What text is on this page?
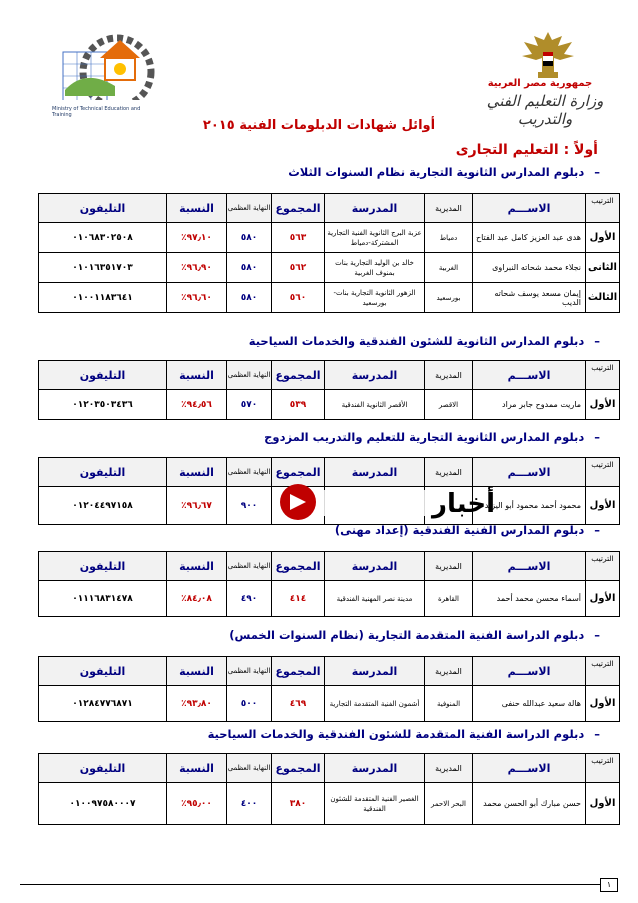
Ministry of Technical Education and Training
جمهورية مصر العربية
وزارة التعليم الفني والتدريب
أوائل شهادات الدبلومات الفنية ٢٠١٥
أولاً : التعليم التجارى
–دبلوم المدارس الثانوية التجارية نظام السنوات الثلاث
الترتيب	الاســـم	المديرية	المدرسة	المجموع	النهاية العظمى	النسبة	التليفون
الأول	هدى عبد العزيز كامل عبد الفتاح	دمياط	عزبة البرج الثانوية الفنية التجارية المشتركة-دمياط	٥٦٣	٥٨٠	٩٧٫١٠٪	٠١٠٦٨٣٠٢٥٠٨
الثانى	نجلاء محمد شحاته النبراوى	الغربية	خالد بن الوليد التجارية بنات بمنوف الغربية	٥٦٢	٥٨٠	٩٦٫٩٠٪	٠١٠١٦٣٥١٧٠٣
الثالث	إيمان مسعد يوسف شحاته الديب	بورسعيد	الزهور الثانوية التجارية بنات- بورسعيد	٥٦٠	٥٨٠	٩٦٫٦٠٪	٠١٠٠١١٨٣٦٤١
–دبلوم المدارس الثانوية للشئون الفندقية والخدمات السياحية
الترتيب	الاســـم	المديرية	المدرسة	المجموع	النهاية العظمى	النسبة	التليفون
الأول	ماريت ممدوح جابر مراد	الاقصر	الأقصر الثانوية الفندقية	٥٣٩	٥٧٠	٩٤٫٥٦٪	٠١٢٠٣٥٠٣٤٣٦
–دبلوم المدارس الثانوية التجارية للتعليم والتدريب المزدوج
الترتيب	الاســـم	المديرية	المدرسة	المجموع	النهاية العظمى	النسبة	التليفون
الأول	محمود أحمد محمود أبو اليزيد				٩٠٠	٩٦٫٦٧٪	٠١٢٠٤٤٩٧١٥٨	أخبار
–دبلوم المدارس الفنية الفندقية (إعداد مهنى)
الترتيب	الاســـم	المديرية	المدرسة	المجموع	النهاية العظمى	النسبة	التليفون
الأول	أسماء محسن محمد أحمد	القاهرة	مدينة نصر المهنية الفندقية	٤١٤	٤٩٠	٨٤٫٠٨٪	٠١١١٦٨٣١٤٧٨
–دبلوم الدراسة الفنية المتقدمة التجارية (نظام السنوات الخمس)
الترتيب	الاســـم	المديرية	المدرسة	المجموع	النهاية العظمى	النسبة	التليفون
الأول	هالة سعيد عبدالله حنفى	المنوفية	أشمون الفنية المتقدمة التجارية	٤٦٩	٥٠٠	٩٣٫٨٠٪	٠١٢٨٤٧٧٦٨٧١
–دبلوم الدراسة الفنية المتقدمة للشئون الفندقية والخدمات السياحية
الترتيب	الاســـم	المديرية	المدرسة	المجموع	النهاية العظمى	النسبة	التليفون
الأول	حسن مبارك أبو الحسن محمد	البحر الاحمر	الغصير الفنية المتقدمة للشئون الفندقية	٣٨٠	٤٠٠	٩٥٫٠٠٪	٠١٠٠٩٧٥٨٠٠٠٧
١
